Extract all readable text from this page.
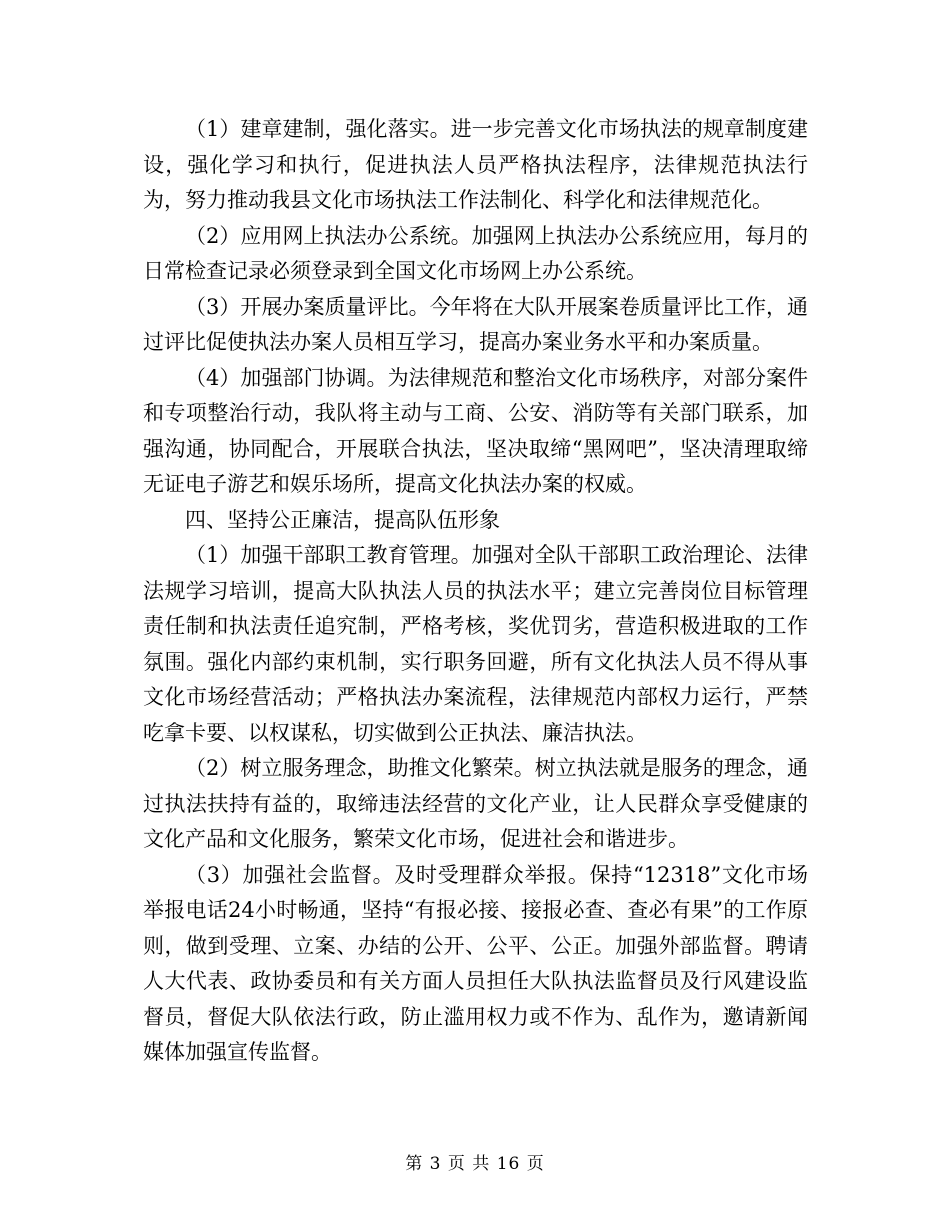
（1）建章建制，强化落实。进一步完善文化市场执法的规章制度建设，强化学习和执行，促进执法人员严格执法程序，法律规范执法行为，努力推动我县文化市场执法工作法制化、科学化和法律规范化。

（2）应用网上执法办公系统。加强网上执法办公系统应用，每月的日常检查记录必须登录到全国文化市场网上办公系统。

（3）开展办案质量评比。今年将在大队开展案卷质量评比工作，通过评比促使执法办案人员相互学习，提高办案业务水平和办案质量。

（4）加强部门协调。为法律规范和整治文化市场秩序，对部分案件和专项整治行动，我队将主动与工商、公安、消防等有关部门联系，加强沟通，协同配合，开展联合执法，坚决取缔“黑网吧”，坚决清理取缔无证电子游艺和娱乐场所，提高文化执法办案的权威。

四、坚持公正廉洁，提高队伍形象

（1）加强干部职工教育管理。加强对全队干部职工政治理论、法律法规学习培训，提高大队执法人员的执法水平；建立完善岗位目标管理责任制和执法责任追究制，严格考核，奖优罚劣，营造积极进取的工作氛围。强化内部约束机制，实行职务回避，所有文化执法人员不得从事文化市场经营活动；严格执法办案流程，法律规范内部权力运行，严禁吃拿卡要、以权谋私，切实做到公正执法、廉洁执法。

（2）树立服务理念，助推文化繁荣。树立执法就是服务的理念，通过执法扶持有益的，取缔违法经营的文化产业，让人民群众享受健康的文化产品和文化服务，繁荣文化市场，促进社会和谐进步。

（3）加强社会监督。及时受理群众举报。保持“12318”文化市场举报电话24小时畅通，坚持“有报必接、接报必查、查必有果”的工作原则，做到受理、立案、办结的公开、公平、公正。加强外部监督。聘请人大代表、政协委员和有关方面人员担任大队执法监督员及行风建设监督员，督促大队依法行政，防止滥用权力或不作为、乱作为，邀请新闻媒体加强宣传监督。

第 3 页 共 16 页
